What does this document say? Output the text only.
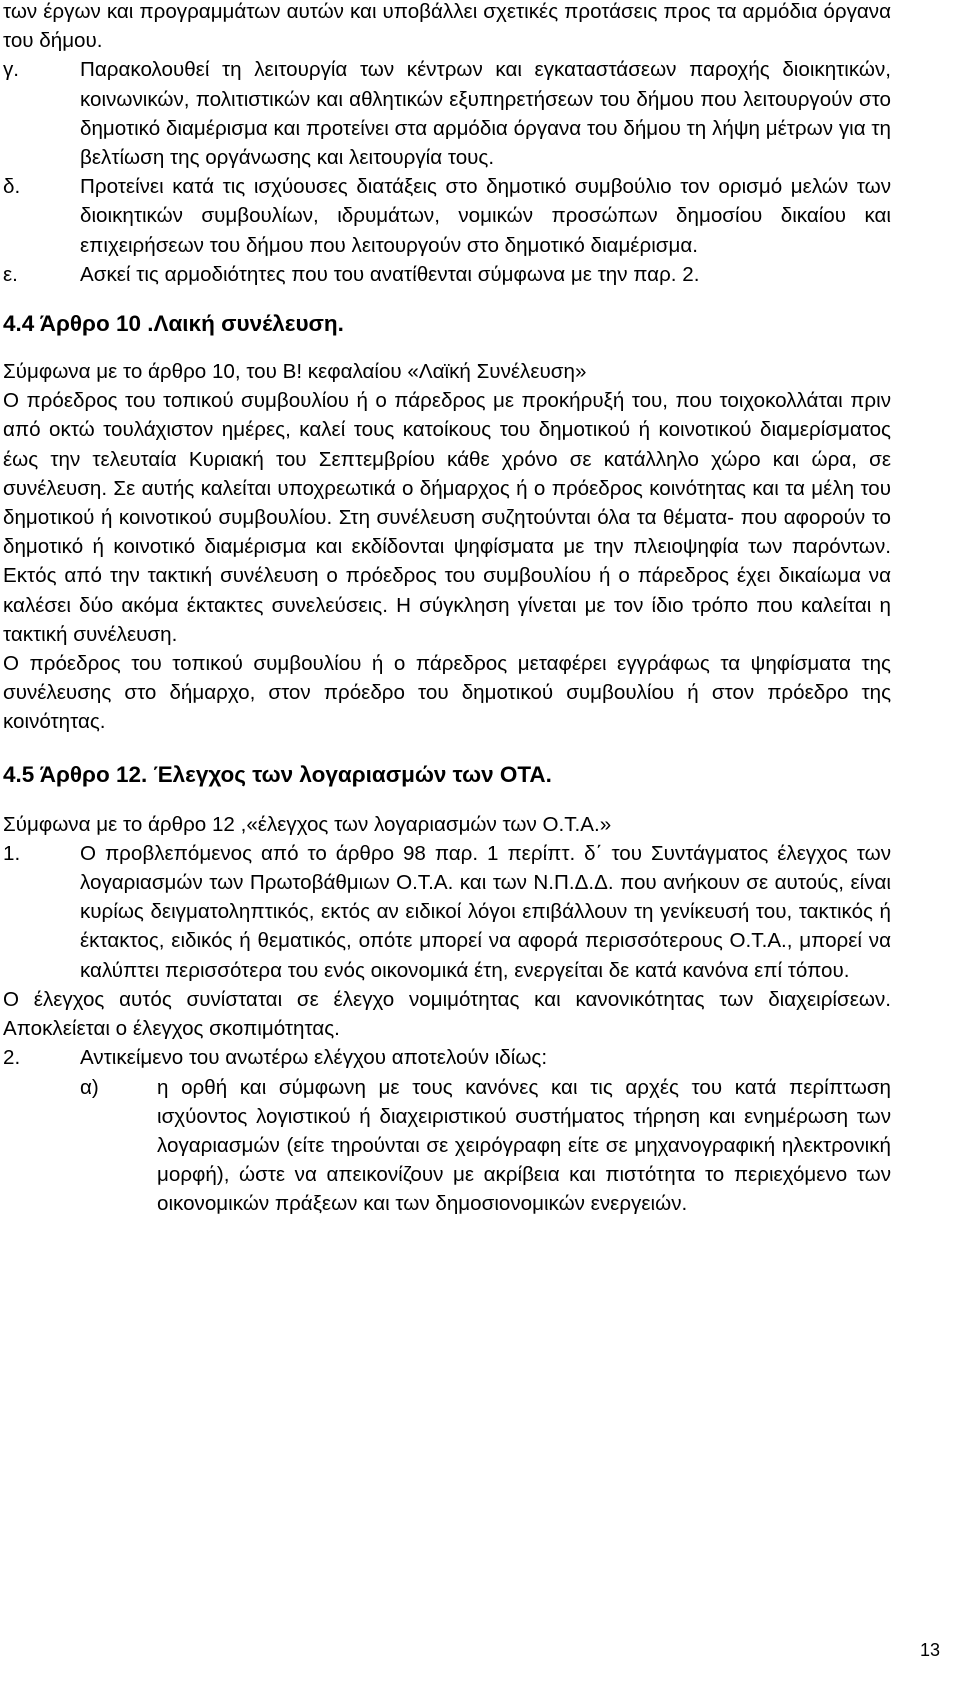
των έργων και προγραμμάτων αυτών και υποβάλλει σχετικές προτάσεις προς τα αρμόδια όργανα του δήμου.

γ.	Παρακολουθεί τη λειτουργία των κέντρων και εγκαταστάσεων παροχής διοικητικών, κοινωνικών, πολιτιστικών και αθλητικών εξυπηρετήσεων του δήμου που λειτουργούν στο δημοτικό διαμέρισμα και προτείνει στα αρμόδια όργανα του δήμου τη λήψη μέτρων για τη βελτίωση της οργάνωσης και λειτουργία τους.
δ.	Προτείνει κατά τις ισχύουσες διατάξεις στο δημοτικό συμβούλιο τον ορισμό μελών των διοικητικών συμβουλίων, ιδρυμάτων, νομικών προσώπων δημοσίου δικαίου και επιχειρήσεων του δήμου που λειτουργούν στο δημοτικό διαμέρισμα.
ε.	Ασκεί τις αρμοδιότητες που του ανατίθενται σύμφωνα με την παρ. 2.

4.4 Άρθρο 10 .Λαική συνέλευση.

Σύμφωνα με το άρθρο 10, του Β! κεφαλαίου «Λαϊκή Συνέλευση»

Ο πρόεδρος του τοπικού συμβουλίου ή ο πάρεδρος με προκήρυξή του, που τοιχοκολλάται πριν από οκτώ τουλάχιστον ημέρες, καλεί τους κατοίκους του δημοτικού ή κοινοτικού διαμερίσματος έως την τελευταία Κυριακή του Σεπτεμβρίου κάθε χρόνο σε κατάλληλο χώρο και ώρα, σε συνέλευση. Σε αυτής καλείται υποχρεωτικά ο δήμαρχος ή ο πρόεδρος κοινότητας και τα μέλη του δημοτικού ή κοινοτικού συμβουλίου. Στη συνέλευση συζητούνται όλα τα θέματα- που αφορούν το δημοτικό ή κοινοτικό διαμέρισμα και εκδίδονται ψηφίσματα με την πλειοψηφία των παρόντων. Εκτός από την τακτική συνέλευση ο πρόεδρος του συμβουλίου ή ο πάρεδρος έχει δικαίωμα να καλέσει δύο ακόμα έκτακτες συνελεύσεις. Η σύγκληση γίνεται με τον ίδιο τρόπο που καλείται η τακτική συνέλευση.

Ο πρόεδρος του τοπικού συμβουλίου ή ο πάρεδρος μεταφέρει εγγράφως τα ψηφίσματα της συνέλευσης στο δήμαρχο, στον πρόεδρο του δημοτικού συμβουλίου ή στον πρόεδρο της κοινότητας.

4.5 Άρθρο 12. Έλεγχος των λογαριασμών των ΟΤΑ.

Σύμφωνα με το άρθρο 12 ,«έλεγχος των λογαριασμών των Ο.Τ.Α.»

1.	Ο προβλεπόμενος από το άρθρο 98 παρ. 1 περίπτ. δ΄ του Συντάγματος έλεγχος των λογαριασμών των Πρωτοβάθμιων Ο.Τ.Α. και των Ν.Π.Δ.Δ. που ανήκουν σε αυτούς, είναι κυρίως δειγματοληπτικός, εκτός αν ειδικοί λόγοι επιβάλλουν τη γενίκευσή του, τακτικός ή έκτακτος, ειδικός ή θεματικός, οπότε μπορεί να αφορά περισσότερους Ο.Τ.Α., μπορεί να καλύπτει περισσότερα του ενός οικονομικά έτη, ενεργείται δε κατά κανόνα επί τόπου.

Ο έλεγχος αυτός συνίσταται σε έλεγχο νομιμότητας και κανονικότητας των διαχειρίσεων. Αποκλείεται ο έλεγχος σκοπιμότητας.

2.	Αντικείμενο του ανωτέρω ελέγχου αποτελούν ιδίως:
α)	η ορθή και σύμφωνη με τους κανόνες και τις αρχές του κατά περίπτωση ισχύοντος λογιστικού ή διαχειριστικού συστήματος τήρηση και ενημέρωση των λογαριασμών (είτε τηρούνται σε χειρόγραφη είτε σε μηχανογραφική ηλεκτρονική μορφή), ώστε να απεικονίζουν με ακρίβεια και πιστότητα το περιεχόμενο των οικονομικών πράξεων και των δημοσιονομικών ενεργειών.
13
